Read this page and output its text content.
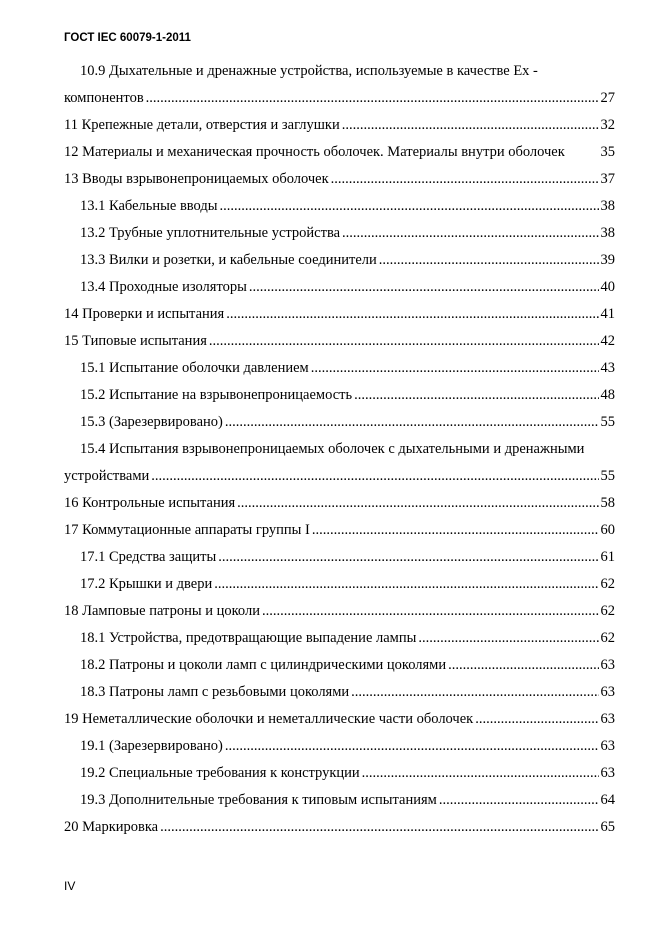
ГОСТ IEC 60079-1-2011
10.9 Дыхательные и дренажные устройства, используемые в качестве Ex -
компонентов .....	27
11 Крепежные детали, отверстия и заглушки .....	32
12 Материалы и механическая прочность оболочек. Материалы внутри оболочек	35
13 Вводы взрывонепроницаемых оболочек .....	37
13.1 Кабельные вводы .....	38
13.2 Трубные уплотнительные устройства .....	38
13.3 Вилки и розетки, и кабельные соединители .....	39
13.4 Проходные изоляторы .....	40
14 Проверки и испытания .....	41
15 Типовые испытания .....	42
15.1 Испытание оболочки давлением .....	43
15.2 Испытание на взрывонепроницаемость .....	48
15.3 (Зарезервировано) .....	55
15.4 Испытания взрывонепроницаемых оболочек с дыхательными и дренажными
устройствами .....	55
16 Контрольные испытания .....	58
17 Коммутационные аппараты группы I .....	60
17.1 Средства защиты .....	61
17.2 Крышки и двери .....	62
18 Ламповые патроны и цоколи .....	62
18.1 Устройства, предотвращающие выпадение лампы .....	62
18.2 Патроны и цоколи ламп с цилиндрическими цоколями .....	63
18.3 Патроны ламп с резьбовыми цоколями .....	63
19 Неметаллические оболочки и неметаллические части оболочек .....	63
19.1 (Зарезервировано) .....	63
19.2 Специальные требования к конструкции .....	63
19.3 Дополнительные требования к типовым испытаниям .....	64
20 Маркировка .....	65
IV
